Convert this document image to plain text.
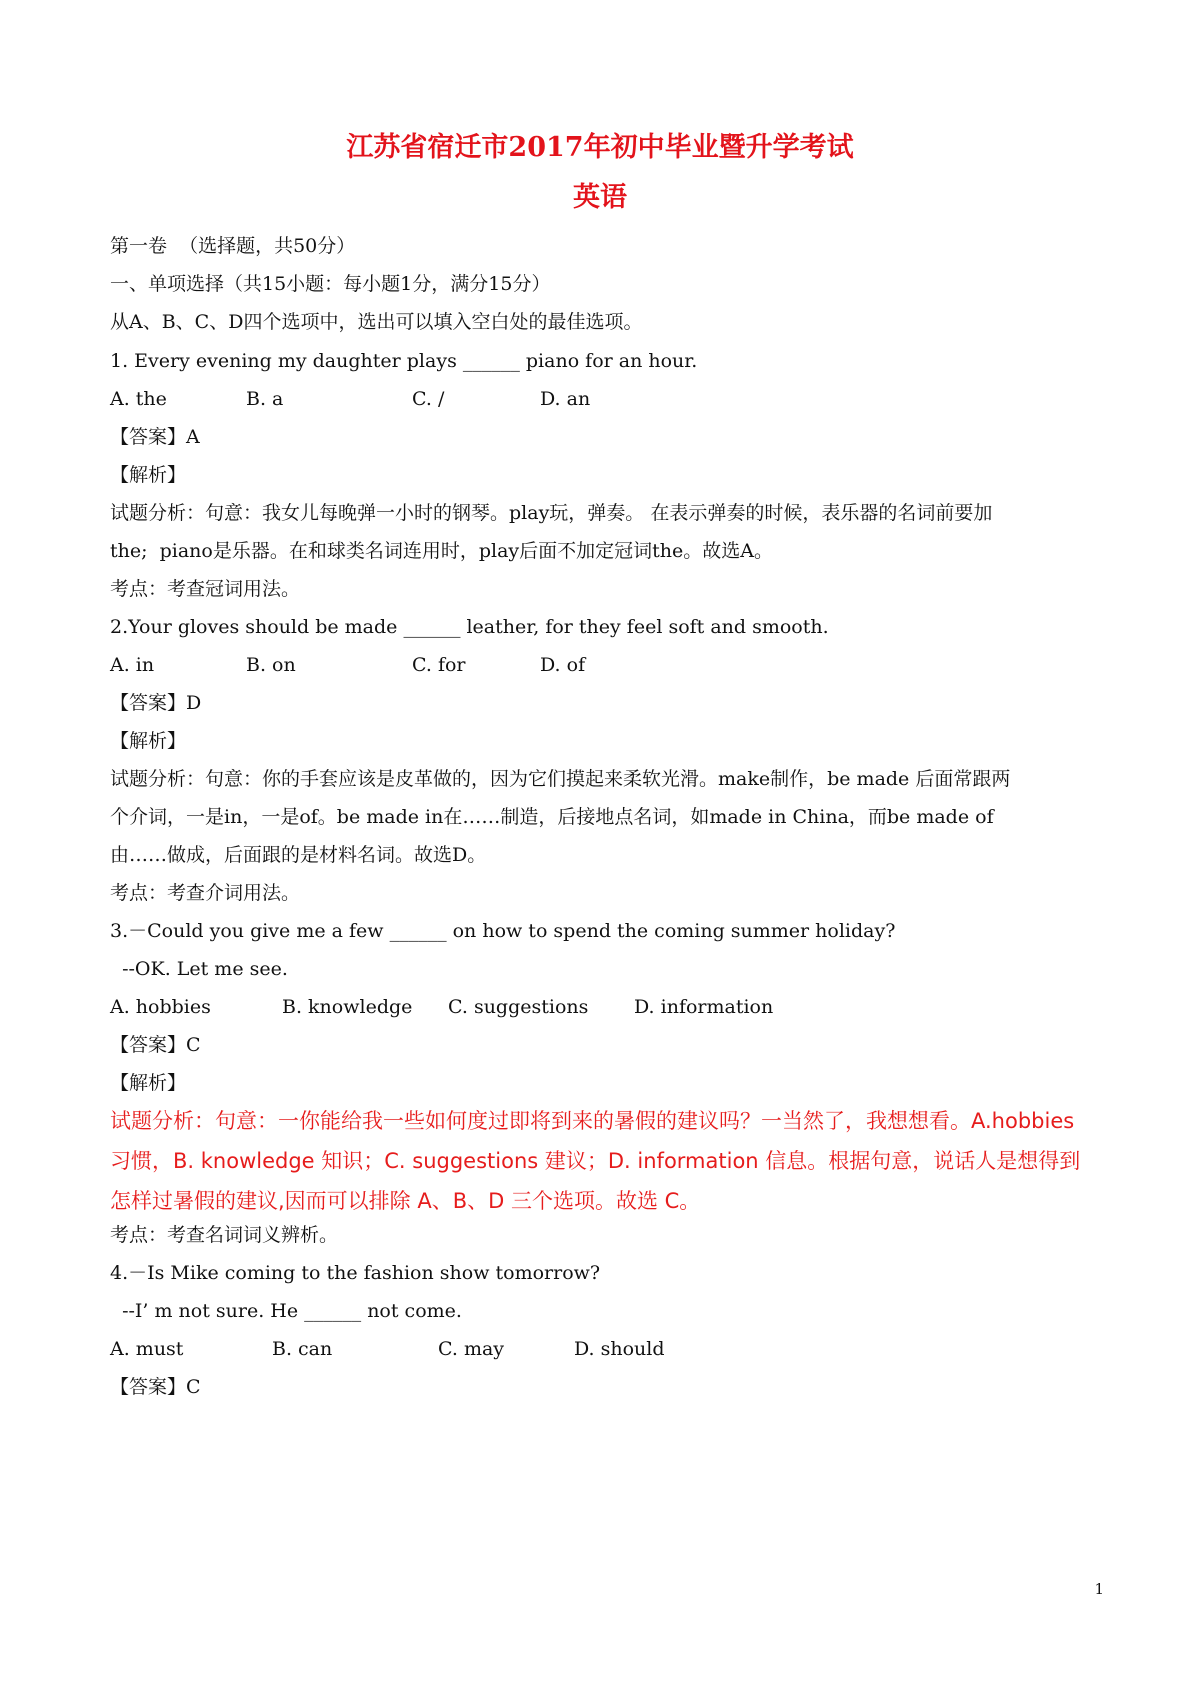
江苏省宿迁市2017年初中毕业暨升学考试
英语

第一卷  （选择题，共50分）

一、单项选择（共15小题：每小题1分，满分15分）

从A、B、C、D四个选项中，选出可以填入空白处的最佳选项。

1. Every evening my daughter plays ______ piano for an hour.

A. the	B. a	C. /	D. an

【答案】A

【解析】

试题分析：句意：我女儿每晚弹一小时的钢琴。play玩，弹奏。 在表示弹奏的时候，表乐器的名词前要加

the;  piano是乐器。在和球类名词连用时，play后面不加定冠词the。故选A。

考点：考查冠词用法。

2.Your gloves should be made ______ leather, for they feel soft and smooth.

A. in	B. on	C. for	D. of

【答案】D

【解析】

试题分析：句意：你的手套应该是皮革做的，因为它们摸起来柔软光滑。make制作，be made 后面常跟两

个介词，一是in，一是of。be made in在……制造，后接地点名词，如made in China，而be made of

由……做成，后面跟的是材料名词。故选D。

考点：考查介词用法。

3.－Could you give me a few ______ on how to spend the coming summer holiday?

--OK. Let me see.

A. hobbies	B. knowledge	C. suggestions	D. information

【答案】C

【解析】

试题分析：句意：一你能给我一些如何度过即将到来的暑假的建议吗？一当然了，我想想看。A.hobbies 习惯，B. knowledge 知识；C. suggestions 建议；D. information 信息。根据句意，说话人是想得到怎样过暑假的建议,因而可以排除 A、B、D 三个选项。故选 C。

考点：考查名词词义辨析。

4.－Is Mike coming to the fashion show tomorrow?

--I’ m not sure. He ______ not come.

A. must	B. can	C. may	D. should

【答案】C

1
